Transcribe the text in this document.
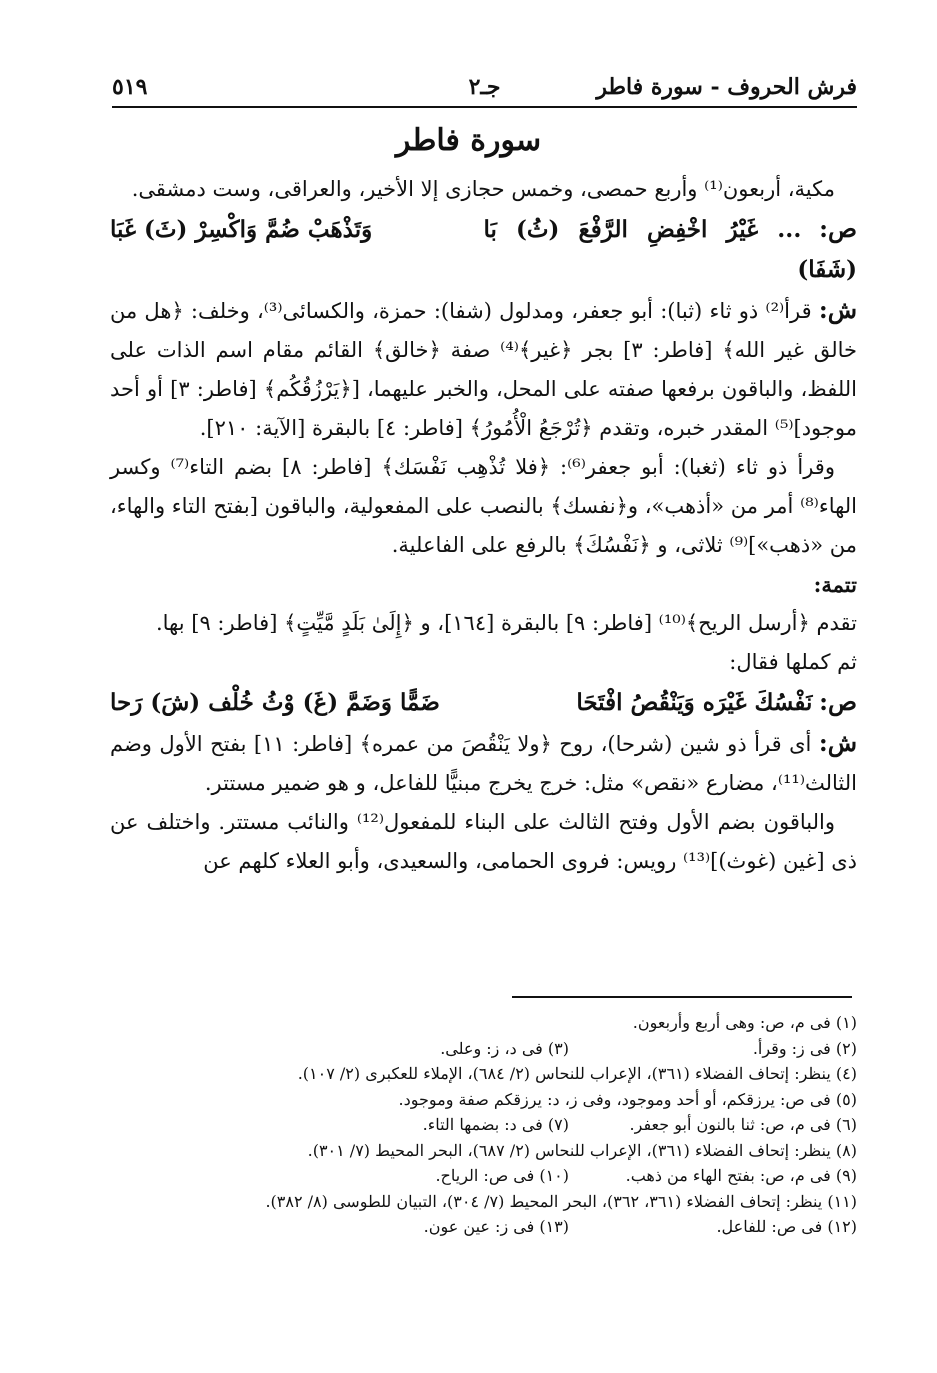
فرش الحروف - سورة فاطر
جـ٢
٥١٩
سورة فاطر

مكية، أربعون⁽¹⁾ وأربع حمصى، وخمس حجازى إلا الأخير، والعراقى، وست دمشقى.

ص: ... غَيْرُ اخْفِضِ الرَّفْعَ (ثُ) بَا (شَفَا)
وَتَذْهَبْ ضُمَّ وَاكْسِرْ (ثَ) غَبَا

ش: قرأ⁽²⁾ ذو ثاء (ثبا): أبو جعفر، ومدلول (شفا): حمزة، والكسائى⁽³⁾، وخلف: ﴿هل من خالق غير الله﴾ [فاطر: ٣] بجر ﴿غير﴾⁽⁴⁾ صفة ﴿خالق﴾ القائم مقام اسم الذات على اللفظ، والباقون برفعها صفته على المحل، والخبر عليهما، [﴿يَرْزُقُكُم﴾ [فاطر: ٣] أو أحد موجود]⁽⁵⁾ المقدر خبره، وتقدم ﴿تُرْجَعُ الْأُمُورُ﴾ [فاطر: ٤] بالبقرة [الآية: ٢١٠].

وقرأ ذو ثاء (ثغبا): أبو جعفر⁽⁶⁾: ﴿فلا تُذْهِب نَفْسَك﴾ [فاطر: ٨] بضم التاء⁽⁷⁾ وكسر الهاء⁽⁸⁾ أمر من «أذهب»، و﴿نفسك﴾ بالنصب على المفعولية، والباقون [بفتح التاء والهاء، من «ذهب»]⁽⁹⁾ ثلاثى، و ﴿نَفْسُكَ﴾ بالرفع على الفاعلية.

تتمة:

تقدم ﴿أرسل الريح﴾⁽¹⁰⁾ [فاطر: ٩] بالبقرة [١٦٤]، و ﴿إِلَىٰ بَلَدٍ مَّيِّتٍ﴾ [فاطر: ٩] بها.

ثم كملها فقال:

ص: نَفْسُكَ غَيْرَه وَيَنْقُصُ افْتَحَا
ضَمًّا وَضَمَّ (غَ) وْثُ خُلْف (شَ) رَحا

ش: أى قرأ ذو شين (شرحا)، روح ﴿ولا يَنْقُصَ من عمره﴾ [فاطر: ١١] بفتح الأول وضم الثالث⁽¹¹⁾، مضارع «نقص» مثل: خرج يخرج مبنيًّا للفاعل، و هو ضمير مستتر.

والباقون بضم الأول وفتح الثالث على البناء للمفعول⁽¹²⁾ والنائب مستتر. واختلف عن ذى [غين (غوث)]⁽¹³⁾ رويس: فروى الحمامى، والسعيدى، وأبو العلاء كلهم عن

(١) فى م، ص: وهى أربع وأربعون.
(٢) فى ز: وقرأ.
(٣) فى د، ز: وعلى.
(٤) ينظر: إتحاف الفضلاء (٣٦١)، الإعراب للنحاس (٢/ ٦٨٤)، الإملاء للعكبرى (٢/ ١٠٧).
(٥) فى ص: يرزقكم، أو أحد وموجود، وفى ز، د: يرزقكم صفة وموجود.
(٦) فى م، ص: ثنا بالنون أبو جعفر.
(٧) فى د: بضمها التاء.
(٨) ينظر: إتحاف الفضلاء (٣٦١)، الإعراب للنحاس (٢/ ٦٨٧)، البحر المحيط (٧/ ٣٠١).
(٩) فى م، ص: بفتح الهاء من ذهب.
(١٠) فى ص: الرياح.
(١١) ينظر: إتحاف الفضلاء (٣٦١، ٣٦٢)، البحر المحيط (٧/ ٣٠٤)، التبيان للطوسى (٨/ ٣٨٢).
(١٢) فى ص: للفاعل.
(١٣) فى ز: عين عون.
